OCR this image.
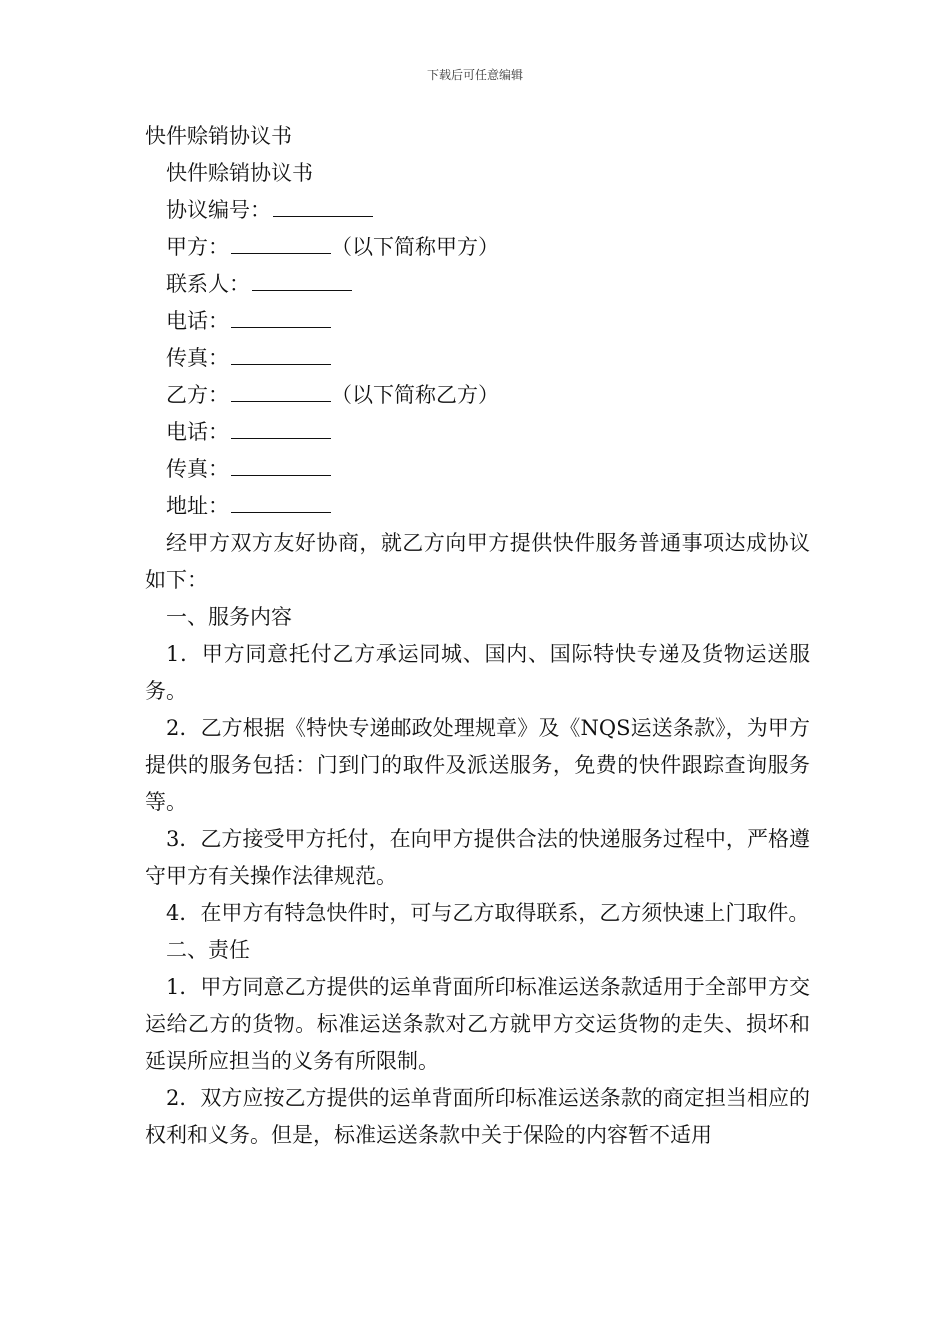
下载后可任意编辑
快件赊销协议书
快件赊销协议书
协议编号：
甲方：	（以下简称甲方）
联系人：
电话：
传真：
乙方：	（以下简称乙方）
电话：
传真：
地址：
经甲方双方友好协商，就乙方向甲方提供快件服务普通事项达成协议如下：
一、服务内容
1．甲方同意托付乙方承运同城、国内、国际特快专递及货物运送服务。
2．乙方根据《特快专递邮政处理规章》及《NQS运送条款》，为甲方提供的服务包括：门到门的取件及派送服务，免费的快件跟踪查询服务等。
3．乙方接受甲方托付，在向甲方提供合法的快递服务过程中，严格遵守甲方有关操作法律规范。
4．在甲方有特急快件时，可与乙方取得联系，乙方须快速上门取件。
二、责任
1．甲方同意乙方提供的运单背面所印标准运送条款适用于全部甲方交运给乙方的货物。标准运送条款对乙方就甲方交运货物的走失、损坏和延误所应担当的义务有所限制。
2．双方应按乙方提供的运单背面所印标准运送条款的商定担当相应的权利和义务。但是，标准运送条款中关于保险的内容暂不适用
